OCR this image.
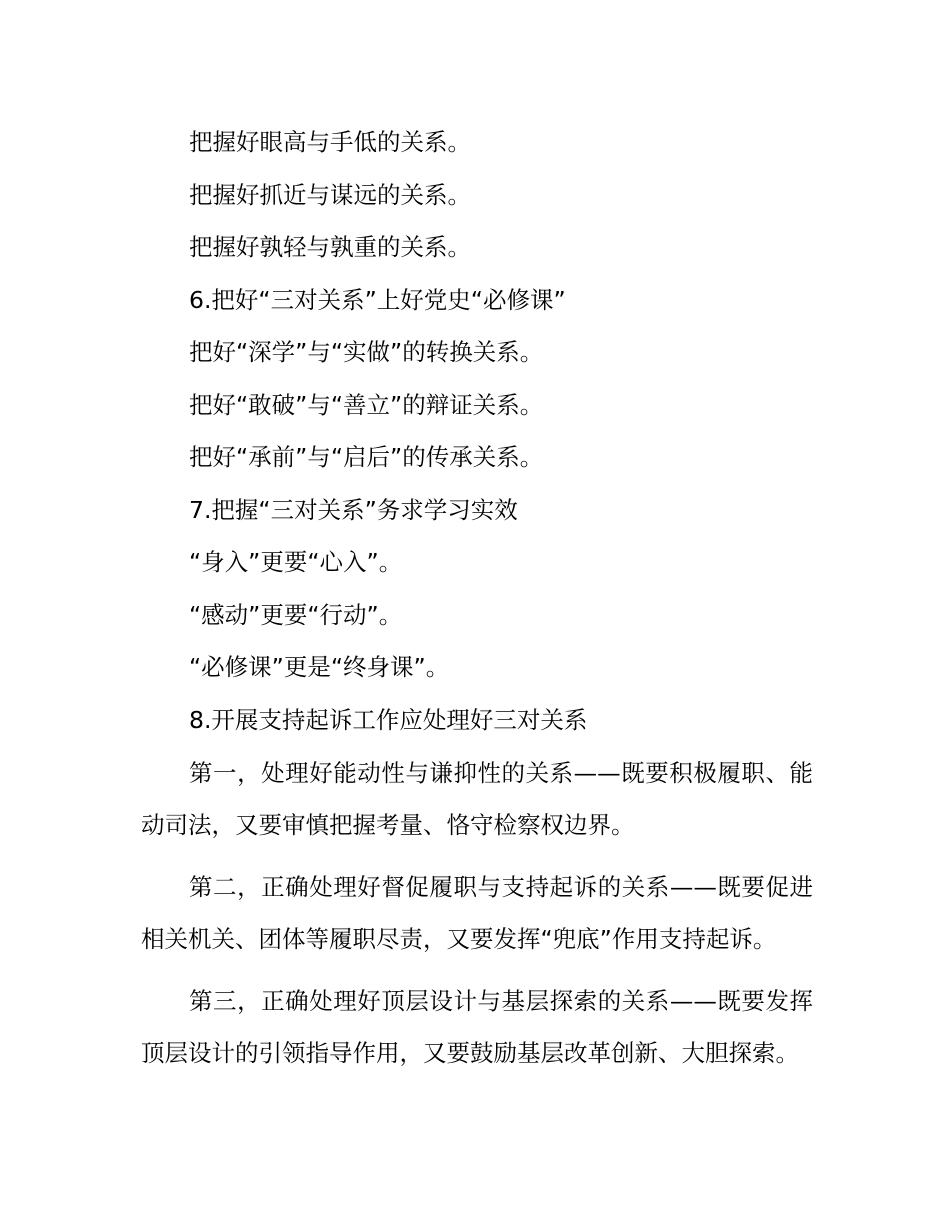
把握好眼高与手低的关系。

把握好抓近与谋远的关系。

把握好孰轻与孰重的关系。

6.把好“三对关系”上好党史“必修课”

把好“深学”与“实做”的转换关系。

把好“敢破”与“善立”的辩证关系。

把好“承前”与“启后”的传承关系。

7.把握“三对关系”务求学习实效

“身入”更要“心入”。

“感动”更要“行动”。

“必修课”更是“终身课”。

8.开展支持起诉工作应处理好三对关系

第一，处理好能动性与谦抑性的关系——既要积极履职、能动司法，又要审慎把握考量、恪守检察权边界。

第二，正确处理好督促履职与支持起诉的关系——既要促进相关机关、团体等履职尽责，又要发挥“兜底”作用支持起诉。

第三，正确处理好顶层设计与基层探索的关系——既要发挥顶层设计的引领指导作用，又要鼓励基层改革创新、大胆探索。
